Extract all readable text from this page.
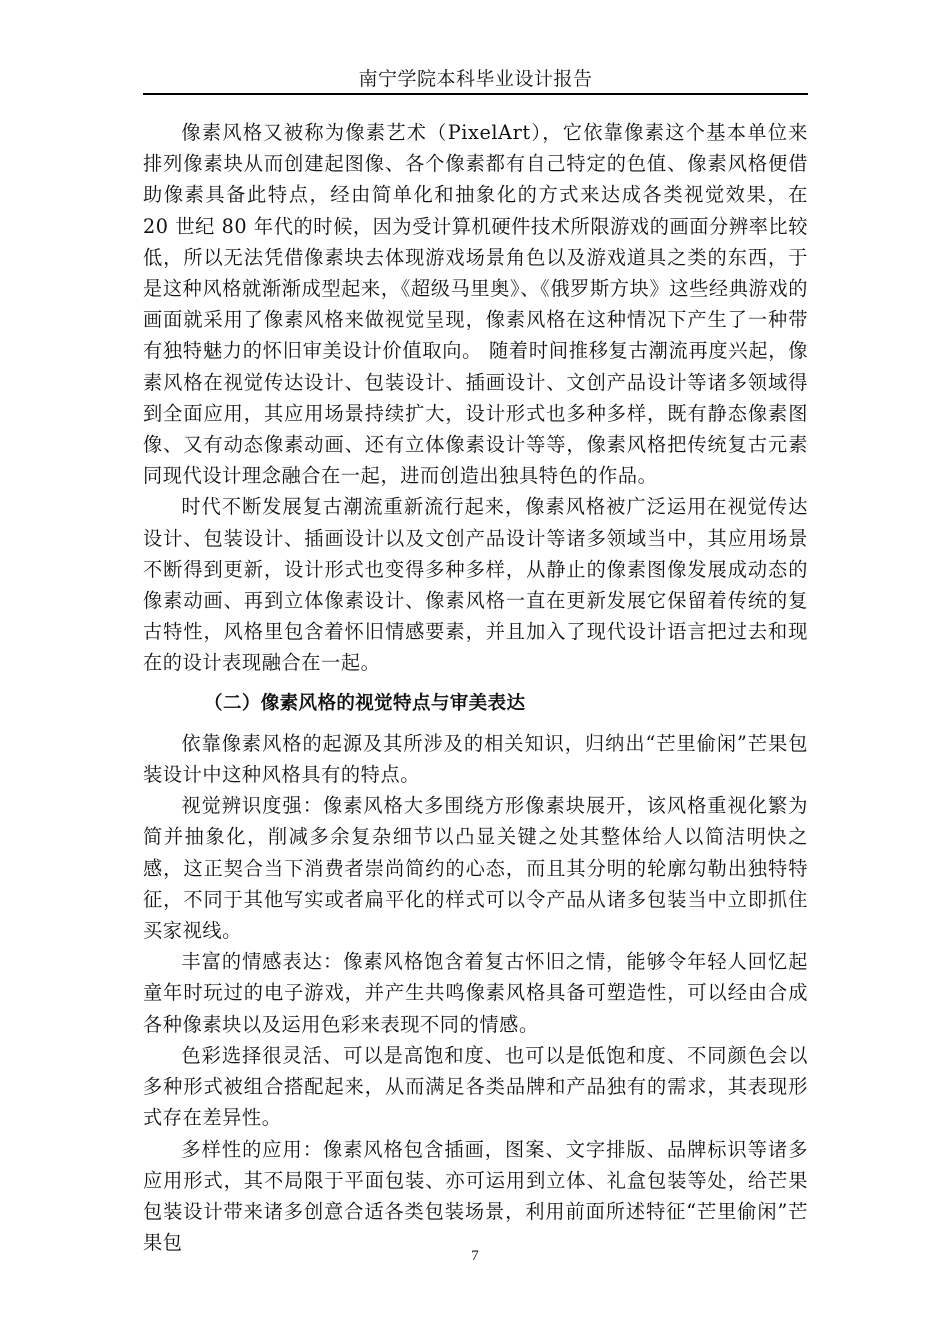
南宁学院本科毕业设计报告

像素风格又被称为像素艺术（PixelArt），它依靠像素这个基本单位来排列像素块从而创建起图像、各个像素都有自己特定的色值、像素风格便借助像素具备此特点，经由简单化和抽象化的方式来达成各类视觉效果，在 20 世纪 80 年代的时候，因为受计算机硬件技术所限游戏的画面分辨率比较低，所以无法凭借像素块去体现游戏场景角色以及游戏道具之类的东西，于是这种风格就渐渐成型起来，《超级马里奥》、《俄罗斯方块》这些经典游戏的画面就采用了像素风格来做视觉呈现，像素风格在这种情况下产生了一种带有独特魅力的怀旧审美设计价值取向。 随着时间推移复古潮流再度兴起，像素风格在视觉传达设计、包装设计、插画设计、文创产品设计等诸多领域得到全面应用，其应用场景持续扩大，设计形式也多种多样，既有静态像素图像、又有动态像素动画、还有立体像素设计等等，像素风格把传统复古元素同现代设计理念融合在一起，进而创造出独具特色的作品。

时代不断发展复古潮流重新流行起来，像素风格被广泛运用在视觉传达设计、包装设计、插画设计以及文创产品设计等诸多领域当中，其应用场景不断得到更新，设计形式也变得多种多样，从静止的像素图像发展成动态的像素动画、再到立体像素设计、像素风格一直在更新发展它保留着传统的复古特性，风格里包含着怀旧情感要素，并且加入了现代设计语言把过去和现在的设计表现融合在一起。

（二）像素风格的视觉特点与审美表达

依靠像素风格的起源及其所涉及的相关知识，归纳出“芒里偷闲”芒果包装设计中这种风格具有的特点。

视觉辨识度强：像素风格大多围绕方形像素块展开，该风格重视化繁为简并抽象化，削减多余复杂细节以凸显关键之处其整体给人以简洁明快之感，这正契合当下消费者崇尚简约的心态，而且其分明的轮廓勾勒出独特特征，不同于其他写实或者扁平化的样式可以令产品从诸多包装当中立即抓住买家视线。

丰富的情感表达：像素风格饱含着复古怀旧之情，能够令年轻人回忆起童年时玩过的电子游戏，并产生共鸣像素风格具备可塑造性，可以经由合成各种像素块以及运用色彩来表现不同的情感。

色彩选择很灵活、可以是高饱和度、也可以是低饱和度、不同颜色会以多种形式被组合搭配起来，从而满足各类品牌和产品独有的需求，其表现形式存在差异性。

多样性的应用：像素风格包含插画，图案、文字排版、品牌标识等诸多应用形式，其不局限于平面包装、亦可运用到立体、礼盒包装等处，给芒果包装设计带来诸多创意合适各类包装场景，利用前面所述特征“芒里偷闲”芒果包

7
